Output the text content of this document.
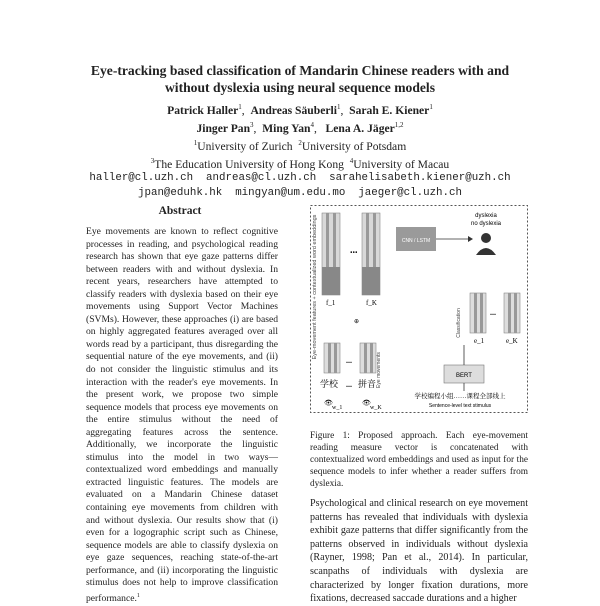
Eye-tracking based classification of Mandarin Chinese readers with and
without dyslexia using neural sequence models
Patrick Haller$^1$,  Andreas Säuberli$^1$,  Sarah E. Kiener$^1$
Jinger Pan$^3$,  Ming Yan$^4$,   Lena A. Jäger$^{1,2}$
$^1$University of Zurich $^2$University of Potsdam
$^3$The Education University of Hong Kong $^4$University of Macau
haller@cl.uzh.ch  andreas@cl.uzh.ch  sarahelisabeth.kiener@uzh.ch
jpan@eduhk.hk  mingyan@um.edu.mo  jaeger@cl.uzh.ch
Abstract
Eye movements are known to reflect cognitive processes in reading, and psychological reading research has shown that eye gaze patterns differ between readers with and without dyslexia. In recent years, researchers have attempted to classify readers with dyslexia based on their eye movements using Support Vector Machines (SVMs). However, these approaches (i) are based on highly aggregated features averaged over all words read by a participant, thus disregarding the sequential nature of the eye movements, and (ii) do not consider the linguistic stimulus and its interaction with the reader's eye movements. In the present work, we propose two simple sequence models that process eye movements on the entire stimulus without the need of aggregating features across the sentence. Additionally, we incorporate the linguistic stimulus into the model in two ways—contextualized word embeddings and manually extracted linguistic features. The models are evaluated on a Mandarin Chinese dataset containing eye movements from children with and without dyslexia. Our results show that (i) even for a logographic script such as Chinese, sequence models are able to classify dyslexia on eye gaze sequences, reaching state-of-the-art performance, and (ii) incorporating the linguistic stimulus does not help to improve classification performance.$^1$
Eye-movement features + contextualized word embeddings	...
f_1	f_K
CNN / LSTM
dyslexia
no dyslexia
Classification	...
e_1	e_K
⊕
Eye movements
...
学校 ... 拼音
👁
w_1
👁
w_K
BERT
学校编程小组……课程全部线上
Sentence-level text stimulus
Figure 1: Proposed approach. Each eye-movement reading measure vector is concatenated with contextualized word embeddings and used as input for the sequence models to infer whether a reader suffers from dyslexia.
Psychological and clinical research on eye movement patterns has revealed that individuals with dyslexia exhibit gaze patterns that differ significantly from the patterns observed in individuals without dyslexia (Rayner, 1998; Pan et al., 2014). In particular, scanpaths of individuals with dyslexia are characterized by longer fixation durations, more fixations, decreased saccade durations and a higher
